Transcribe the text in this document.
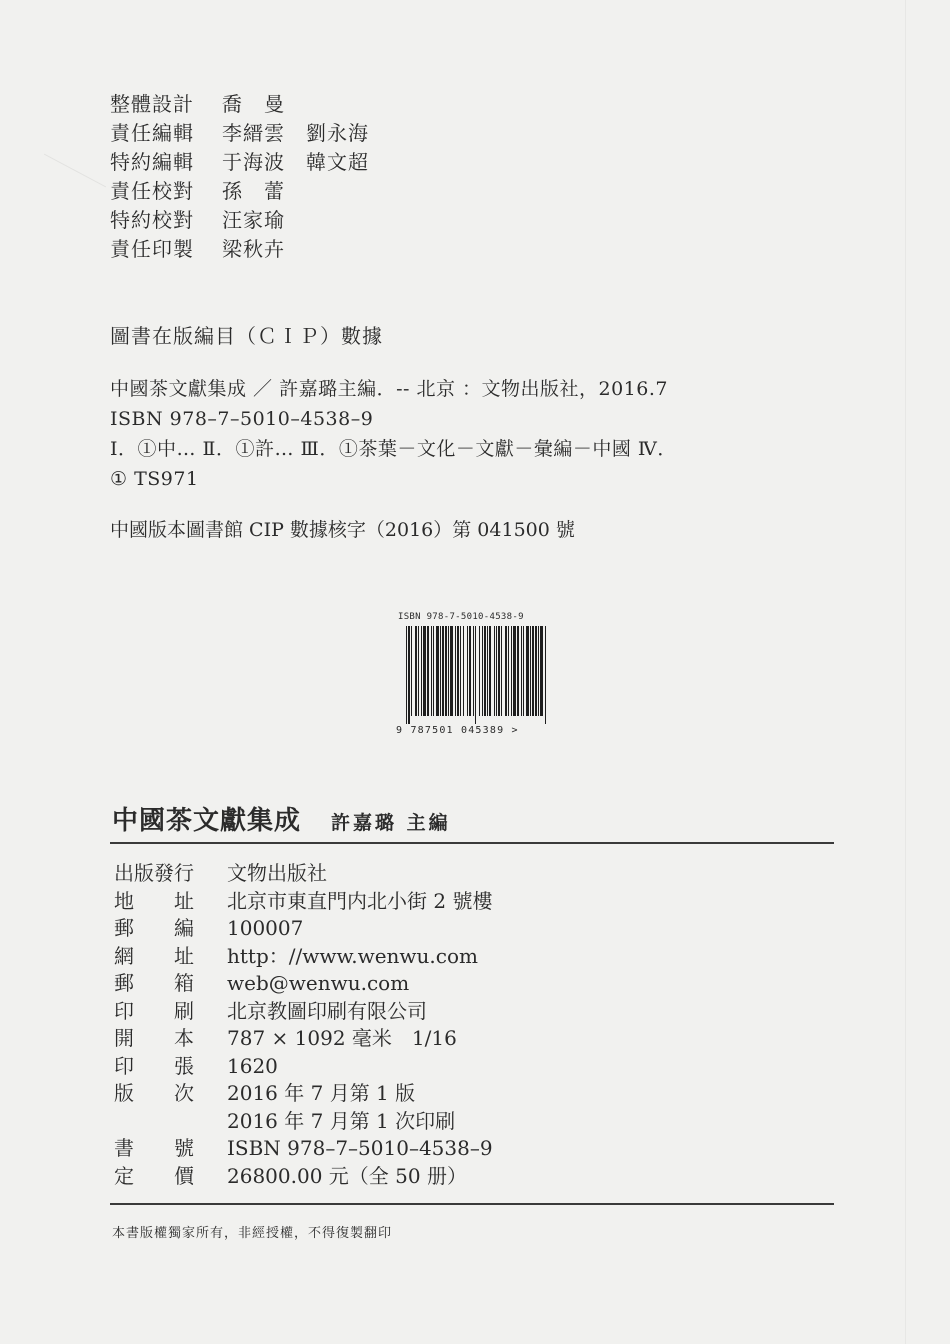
整體設計 喬　曼
責任編輯 李縉雲　劉永海
特約編輯 于海波　韓文超
責任校對 孫　蕾
特約校對 汪家瑜
責任印製 梁秋卉
圖書在版編目（ＣＩＰ）數據
中國茶文獻集成 ／ 許嘉璐主編．-- 北京 ：文物出版社，2016.7
ISBN 978–7–5010–4538–9
Ⅰ．①中… Ⅱ．①許… Ⅲ．①茶葉－文化－文獻－彙編－中國 Ⅳ．
① TS971
中國版本圖書館 CIP 數據核字（2016）第 041500 號
ISBN 978-7-5010-4538-9
9 787501 045389 >
中國茶文獻集成 許嘉璐 主編
出版發行 文物出版社
地　　址 北京市東直門内北小街 2 號樓
郵　　編 100007
網　　址 http：//www.wenwu.com
郵　　箱 web@wenwu.com
印　　刷 北京教圖印刷有限公司
開　　本 787 × 1092 毫米　1/16
印　　張 1620
版　　次 2016 年 7 月第 1 版
2016 年 7 月第 1 次印刷
書　　號 ISBN 978–7–5010–4538–9
定　　價 26800.00 元（全 50 册）
本書版權獨家所有，非經授權，不得復製翻印
